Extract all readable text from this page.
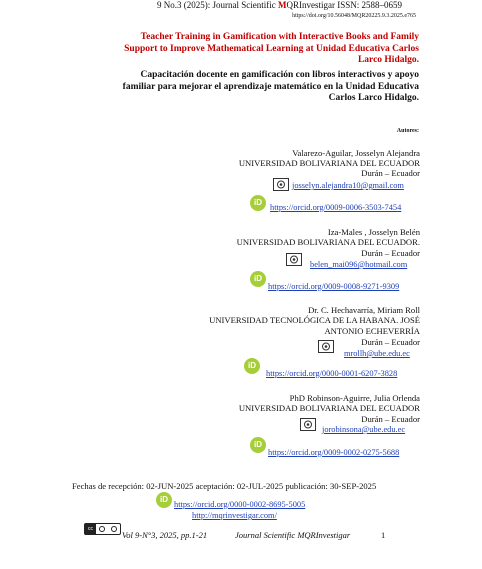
9 No.3 (2025): Journal Scientific MQRInvestigar ISSN: 2588–0659
https://doi.org/10.56048/MQR20225.9.3.2025.e765
Teacher Training in Gamification with Interactive Books and Family
Support to Improve Mathematical Learning at Unidad Educativa Carlos
Larco Hidalgo.
Capacitación docente en gamificación con libros interactivos y apoyo
familiar para mejorar el aprendizaje matemático en la Unidad Educativa
Carlos Larco Hidalgo.
Autores:
Valarezo-Aguilar, Josselyn Alejandra
UNIVERSIDAD BOLIVARIANA DEL ECUADOR
Durán – Ecuador
josselyn.alejandra10@gmail.com
iD
https://orcid.org/0009-0006-3503-7454
Iza-Males , Josselyn Belén
UNIVERSIDAD BOLIVARIANA DEL ECUADOR.
Durán – Ecuador
belen_mai096@hotmail.com
iD
https://orcid.org/0009-0008-9271-9309
Dr. C. Hechavarría, Miriam Roll
UNIVERSIDAD TECNOLÓGICA DE LA HABANA. JOSÉ
ANTONIO ECHEVERRÍA
Durán – Ecuador
mrollh@ube.edu.ec
iD
https://orcid.org/0000-0001-6207-3828
PhD Robinson-Aguirre, Julia Orlenda
UNIVERSIDAD BOLIVARIANA DEL ECUADOR
Durán – Ecuador
jorobinsona@ube.edu.ec
iD
https://orcid.org/0009-0002-0275-5688
Fechas de recepción: 02-JUN-2025 aceptación: 02-JUL-2025 publicación: 30-SEP-2025
iD
https://orcid.org/0000-0002-8695-5005
http://mqrinvestigar.com/
cc
Vol 9-N°3, 2025, pp.1-21	Journal Scientific MQRInvestigar	1
